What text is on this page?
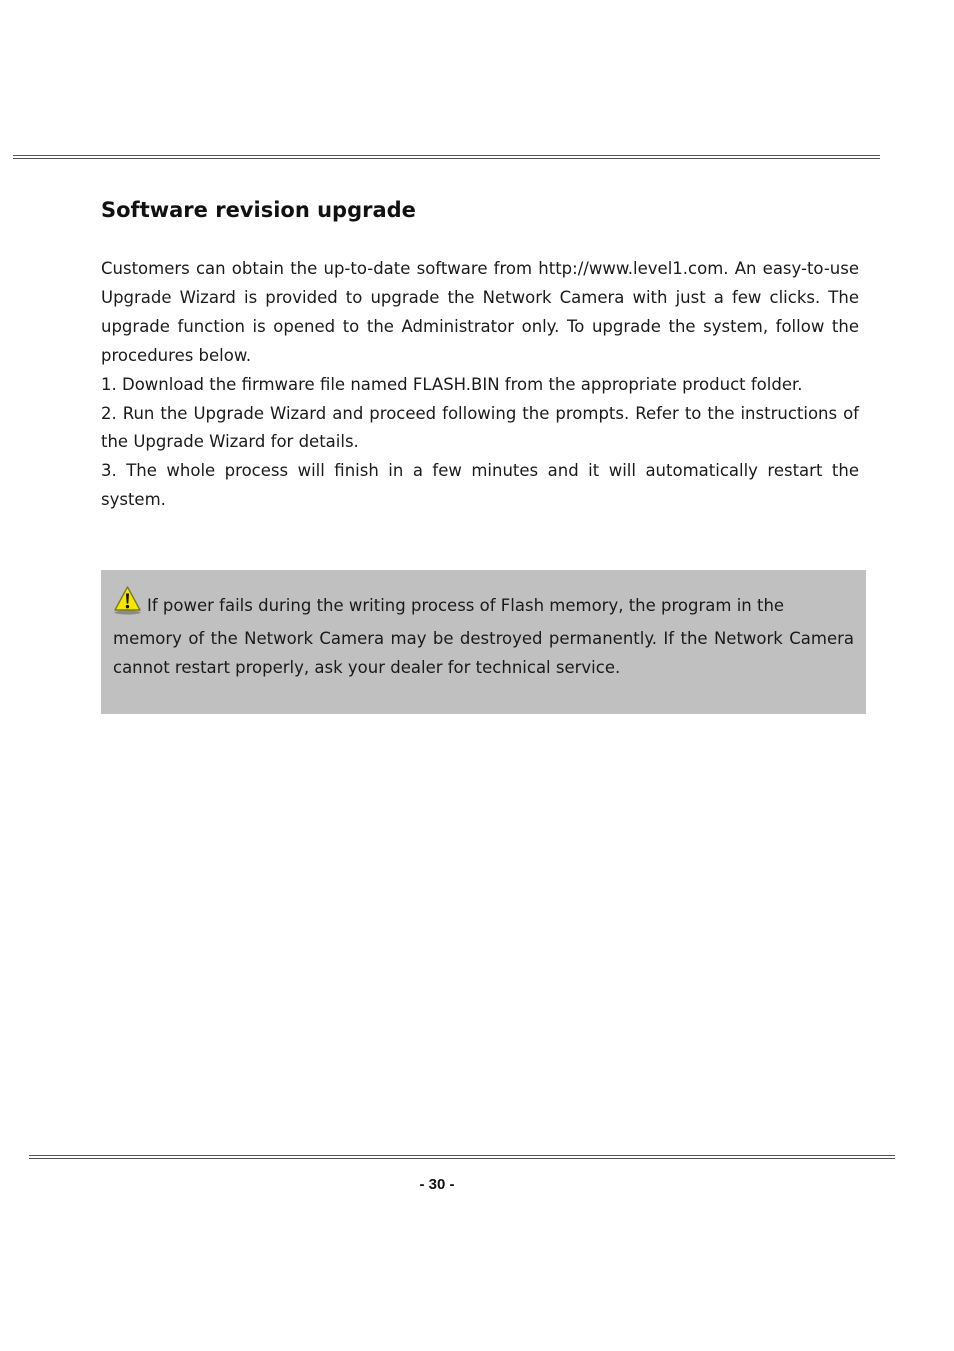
Software revision upgrade

Customers can obtain the up-to-date software from http://www.level1.com. An easy-to-use Upgrade Wizard is provided to upgrade the Network Camera with just a few clicks. The upgrade function is opened to the Administrator only. To upgrade the system, follow the procedures below.

1. Download the firmware file named FLASH.BIN from the appropriate product folder.

2. Run the Upgrade Wizard and proceed following the prompts. Refer to the instructions of the Upgrade Wizard for details.

3. The whole process will finish in a few minutes and it will automatically restart the system.

If power fails during the writing process of Flash memory, the program in the
memory of the Network Camera may be destroyed permanently. If the Network Camera cannot restart properly, ask your dealer for technical service.
- 30 -
